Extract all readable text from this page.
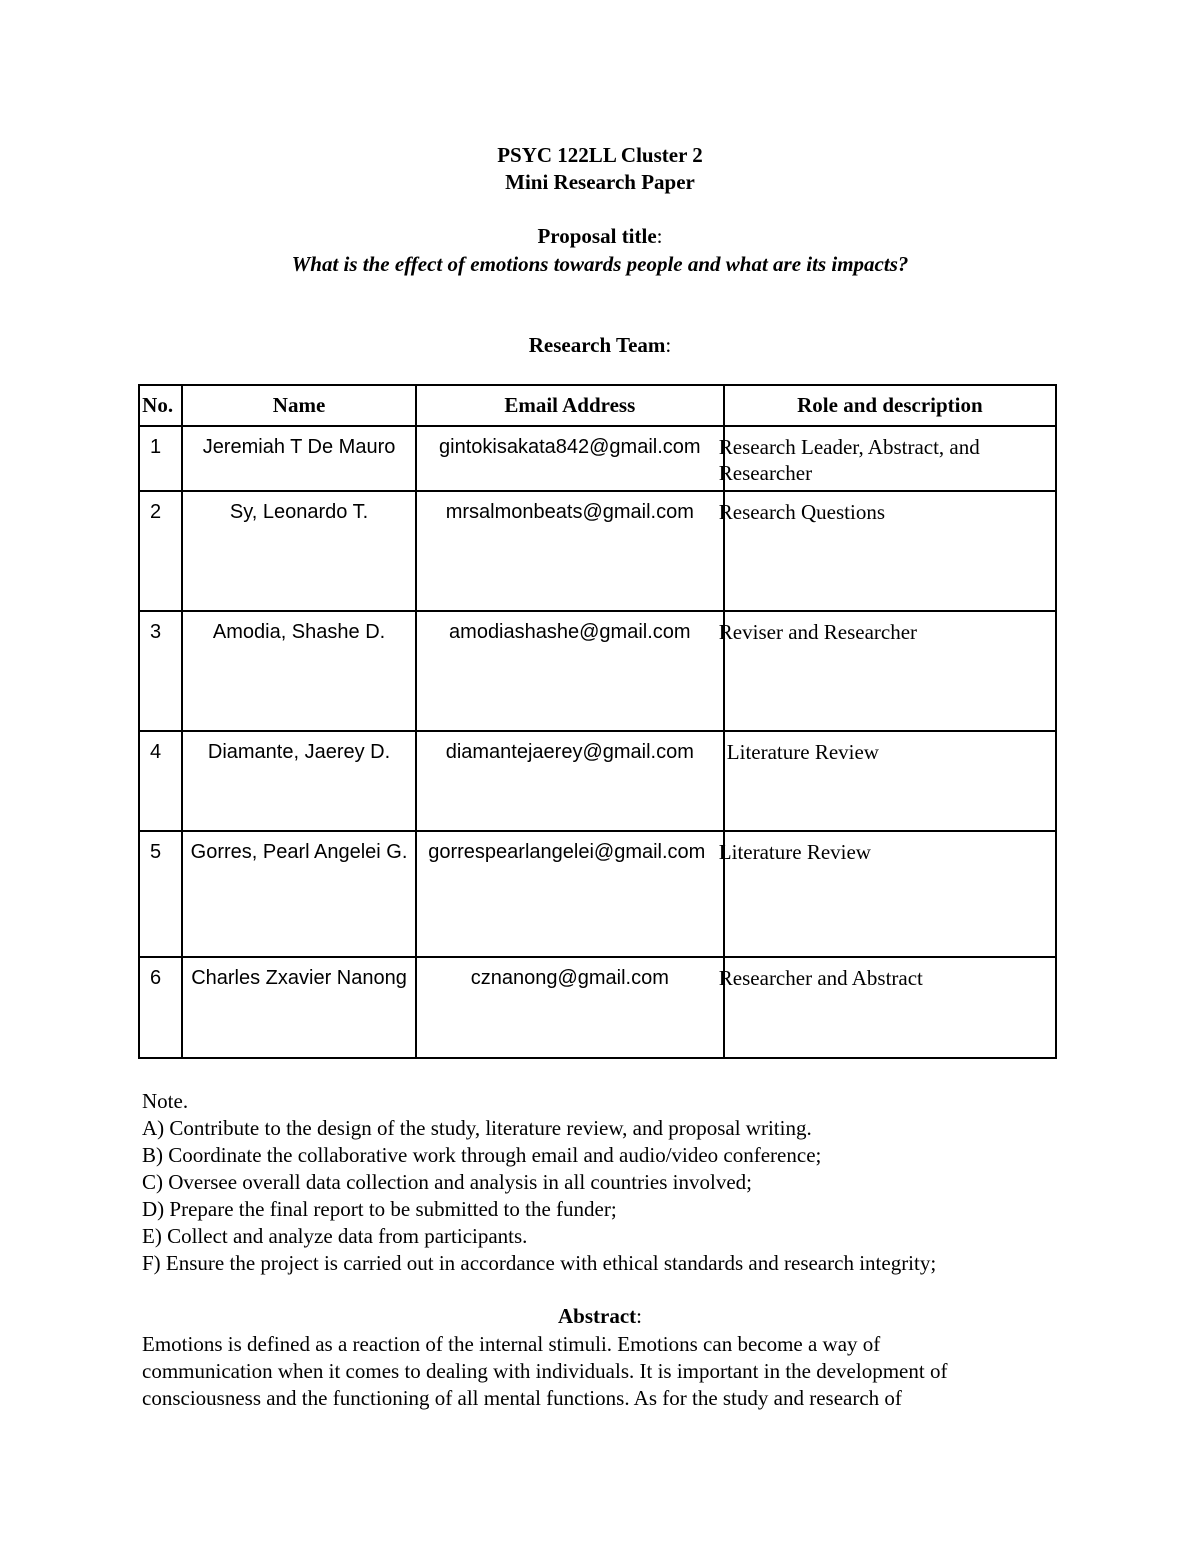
PSYC 122LL Cluster 2
Mini Research Paper
Proposal title:
What is the effect of emotions towards people and what are its impacts?
Research Team:
No.	Name	Email Address	Role and description

1	Jeremiah T De Mauro	gintokisakata842@gmail.com	Research Leader, Abstract, and Researcher

2	Sy, Leonardo T.	mrsalmonbeats@gmail.com	Research Questions

3	Amodia, Shashe D.	amodiashashe@gmail.com	Reviser and Researcher

4	Diamante, Jaerey D.	diamantejaerey@gmail.com	Literature Review

5	Gorres, Pearl Angelei G.	gorrespearlangelei@gmail.com	Literature Review

6	Charles Zxavier Nanong	cznanong@gmail.com	Researcher and Abstract
Note.
A) Contribute to the design of the study, literature review, and proposal writing.
B) Coordinate the collaborative work through email and audio/video conference;
C) Oversee overall data collection and analysis in all countries involved;
D) Prepare the final report to be submitted to the funder;
E) Collect and analyze data from participants.
F) Ensure the project is carried out in accordance with ethical standards and research integrity;
Abstract:
Emotions is defined as a reaction of the internal stimuli. Emotions can become a way of
communication when it comes to dealing with individuals. It is important in the development of
consciousness and the functioning of all mental functions. As for the study and research of
